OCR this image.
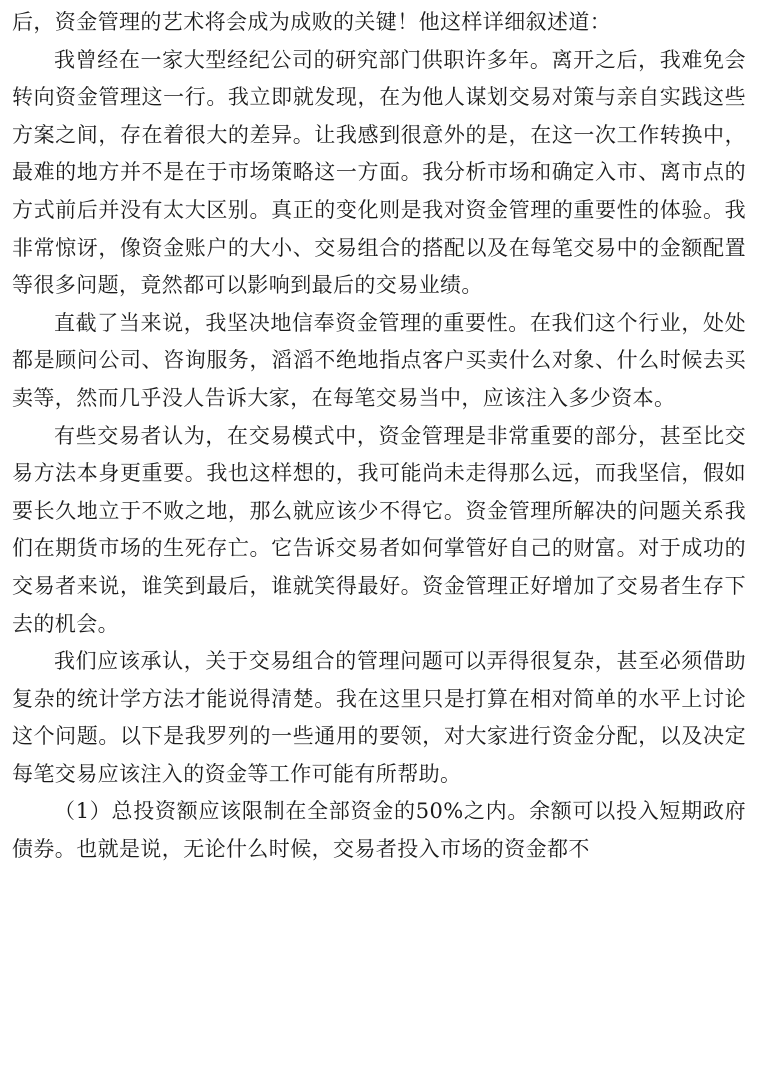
后，资金管理的艺术将会成为成败的关键！他这样详细叙述道：

我曾经在一家大型经纪公司的研究部门供职许多年。离开之后，我难免会转向资金管理这一行。我立即就发现，在为他人谋划交易对策与亲自实践这些方案之间，存在着很大的差异。让我感到很意外的是，在这一次工作转换中，最难的地方并不是在于市场策略这一方面。我分析市场和确定入市、离市点的方式前后并没有太大区别。真正的变化则是我对资金管理的重要性的体验。我非常惊讶，像资金账户的大小、交易组合的搭配以及在每笔交易中的金额配置等很多问题，竟然都可以影响到最后的交易业绩。

直截了当来说，我坚决地信奉资金管理的重要性。在我们这个行业，处处都是顾问公司、咨询服务，滔滔不绝地指点客户买卖什么对象、什么时候去买卖等，然而几乎没人告诉大家，在每笔交易当中，应该注入多少资本。

有些交易者认为，在交易模式中，资金管理是非常重要的部分，甚至比交易方法本身更重要。我也这样想的，我可能尚未走得那么远，而我坚信，假如要长久地立于不败之地，那么就应该少不得它。资金管理所解决的问题关系我们在期货市场的生死存亡。它告诉交易者如何掌管好自己的财富。对于成功的交易者来说，谁笑到最后，谁就笑得最好。资金管理正好增加了交易者生存下去的机会。

我们应该承认，关于交易组合的管理问题可以弄得很复杂，甚至必须借助复杂的统计学方法才能说得清楚。我在这里只是打算在相对简单的水平上讨论这个问题。以下是我罗列的一些通用的要领，对大家进行资金分配，以及决定每笔交易应该注入的资金等工作可能有所帮助。

（1）总投资额应该限制在全部资金的50%之内。余额可以投入短期政府债券。也就是说，无论什么时候，交易者投入市场的资金都不
